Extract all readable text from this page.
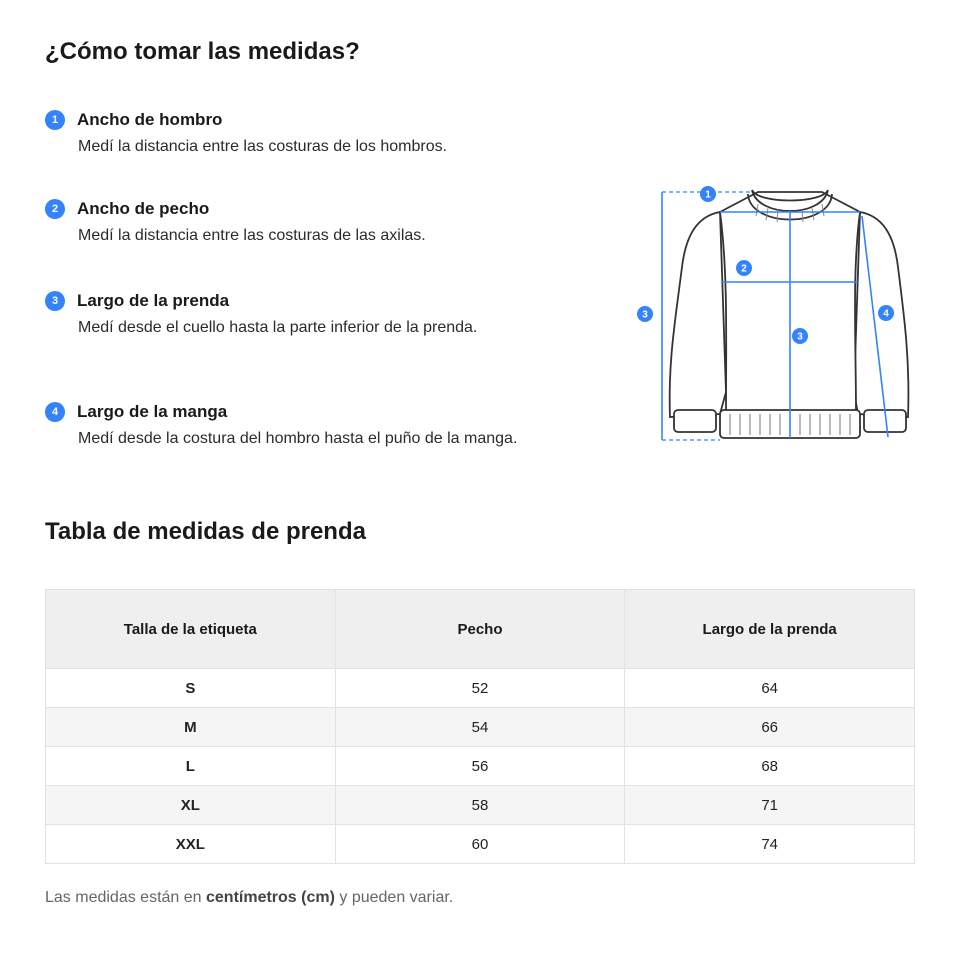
¿Cómo tomar las medidas?
1	Ancho de hombro
Medí la distancia entre las costuras de los hombros.
2	Ancho de pecho
Medí la distancia entre las costuras de las axilas.
3	Largo de la prenda
Medí desde el cuello hasta la parte inferior de la prenda.
4	Largo de la manga
Medí desde la costura del hombro hasta el puño de la manga.
1
2
3
3
4
Tabla de medidas de prenda
Talla de la etiqueta	Pecho	Largo de la prenda
S	52	64
M	54	66
L	56	68
XL	58	71
XXL	60	74
Las medidas están en centímetros (cm) y pueden variar.
